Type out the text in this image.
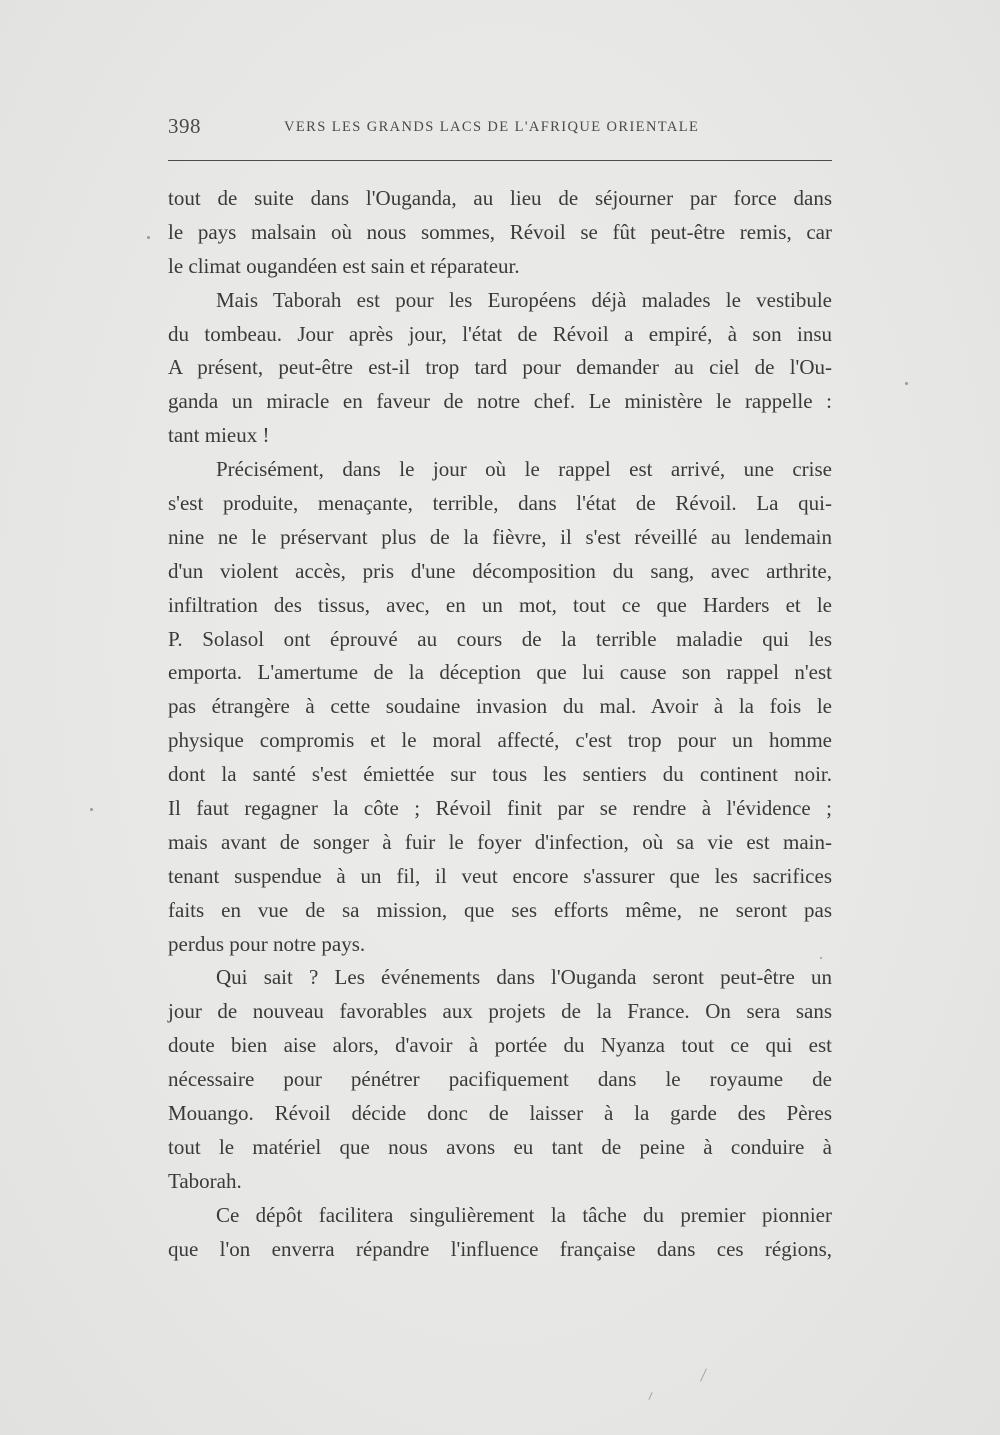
398	VERS LES GRANDS LACS DE L'AFRIQUE ORIENTALE
tout de suite dans l'Ouganda, au lieu de séjourner par force dans
le pays malsain où nous sommes, Révoil se fût peut-être remis, car
le climat ougandéen est sain et réparateur.
Mais Taborah est pour les Européens déjà malades le vestibule
du tombeau. Jour après jour, l'état de Révoil a empiré, à son insu
A présent, peut-être est-il trop tard pour demander au ciel de l'Ou-
ganda un miracle en faveur de notre chef. Le ministère le rappelle :
tant mieux !
Précisément, dans le jour où le rappel est arrivé, une crise
s'est produite, menaçante, terrible, dans l'état de Révoil. La qui-
nine ne le préservant plus de la fièvre, il s'est réveillé au lendemain
d'un violent accès, pris d'une décomposition du sang, avec arthrite,
infiltration des tissus, avec, en un mot, tout ce que Harders et le
P. Solasol ont éprouvé au cours de la terrible maladie qui les
emporta. L'amertume de la déception que lui cause son rappel n'est
pas étrangère à cette soudaine invasion du mal. Avoir à la fois le
physique compromis et le moral affecté, c'est trop pour un homme
dont la santé s'est émiettée sur tous les sentiers du continent noir.
Il faut regagner la côte ; Révoil finit par se rendre à l'évidence ;
mais avant de songer à fuir le foyer d'infection, où sa vie est main-
tenant suspendue à un fil, il veut encore s'assurer que les sacrifices
faits en vue de sa mission, que ses efforts même, ne seront pas
perdus pour notre pays.
Qui sait ? Les événements dans l'Ouganda seront peut-être un
jour de nouveau favorables aux projets de la France. On sera sans
doute bien aise alors, d'avoir à portée du Nyanza tout ce qui est
nécessaire pour pénétrer pacifiquement dans le royaume de
Mouango. Révoil décide donc de laisser à la garde des Pères
tout le matériel que nous avons eu tant de peine à conduire à
Taborah.
Ce dépôt facilitera singulièrement la tâche du premier pionnier
que l'on enverra répandre l'influence française dans ces régions,
